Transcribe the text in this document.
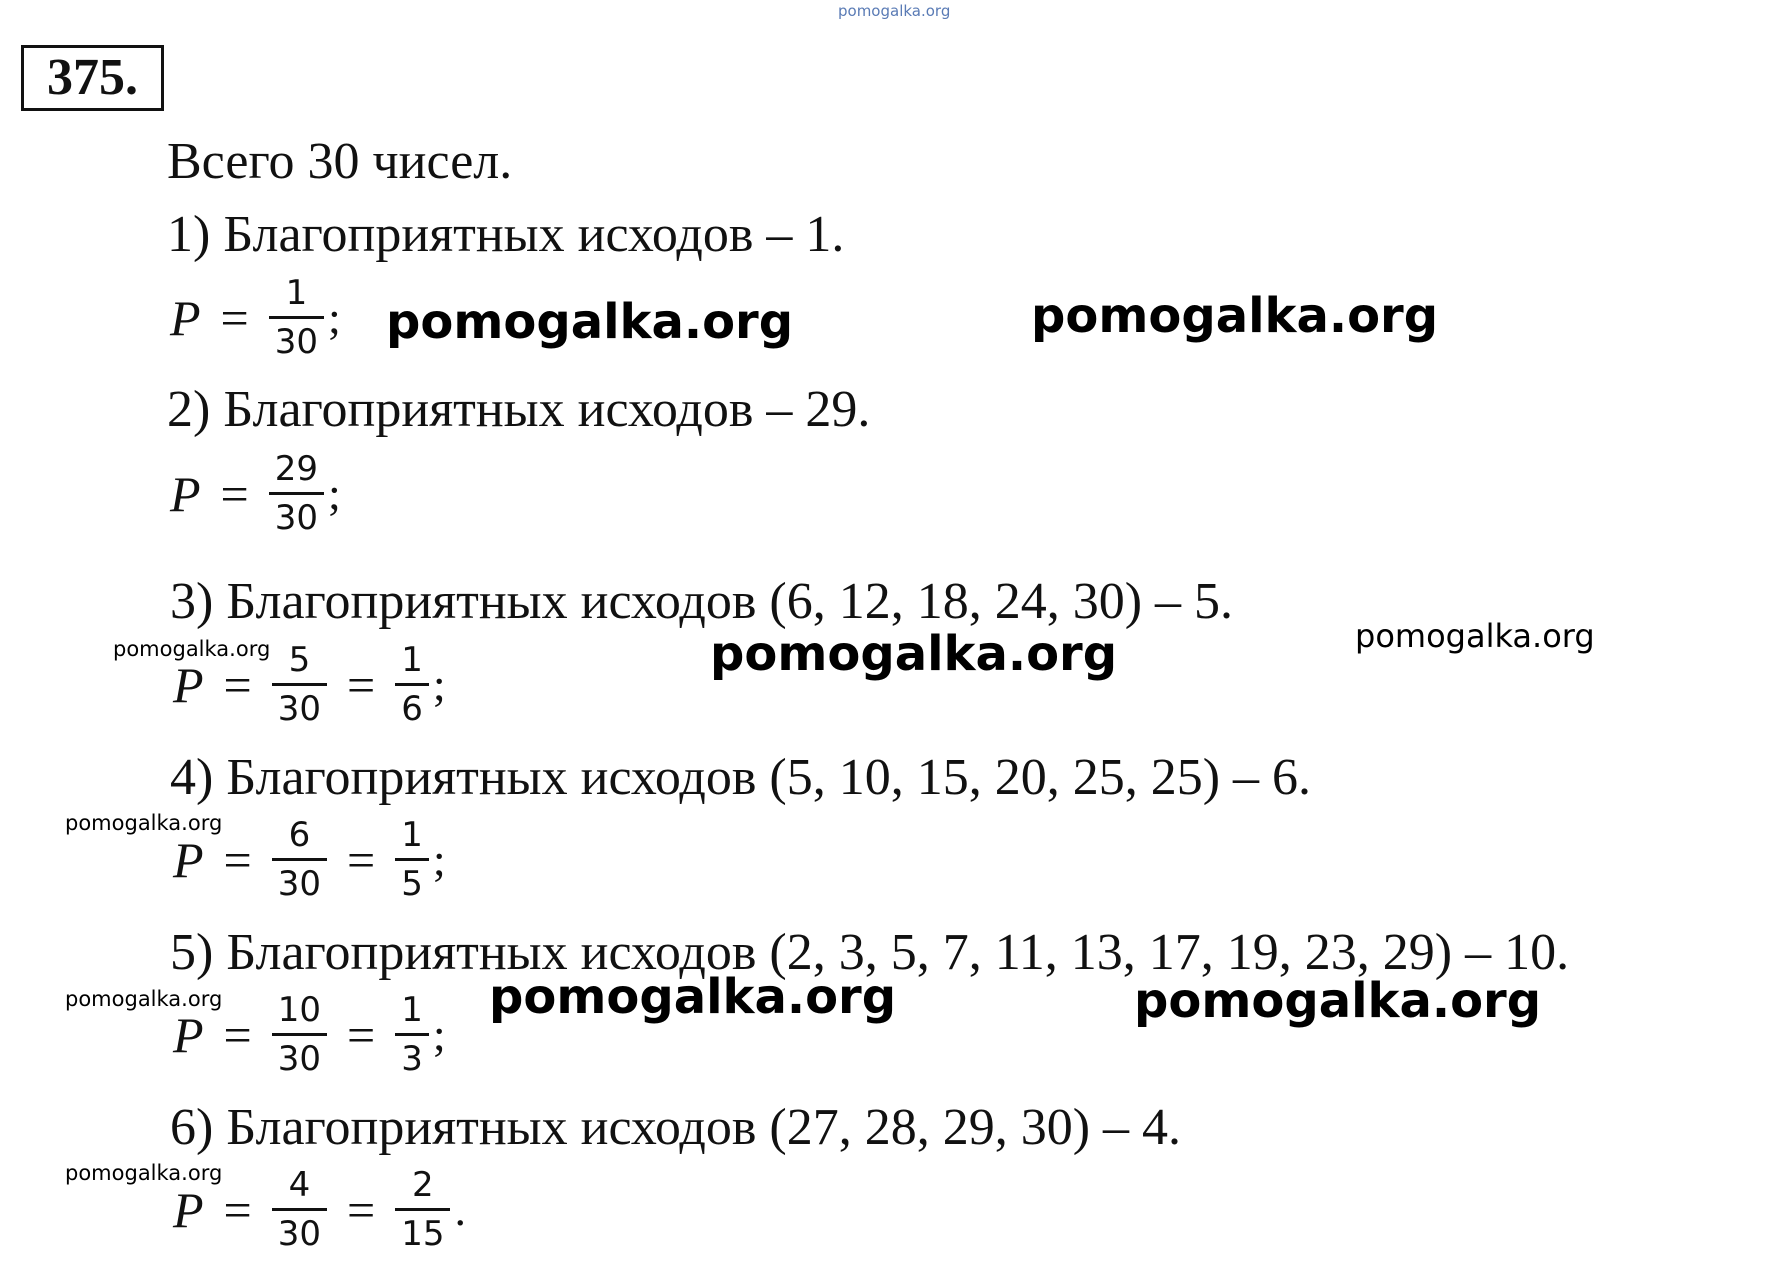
pomogalka.org
375.
Всего 30 чисел.
1) Благоприятных исходов – 1.
$P = \frac{1}{30}$ ;
2) Благоприятных исходов – 29.
$P = \frac{29}{30}$ ;
3) Благоприятных исходов (6, 12, 18, 24, 30) – 5.
$P = \frac{5}{30} = \frac{1}{6}$ ;
4) Благоприятных исходов (5, 10, 15, 20, 25, 25) – 6.
$P = \frac{6}{30} = \frac{1}{5}$ ;
5) Благоприятных исходов (2, 3, 5, 7, 11, 13, 17, 19, 23, 29) – 10.
$P = \frac{10}{30} = \frac{1}{3}$ ;
6) Благоприятных исходов (27, 28, 29, 30) – 4.
$P = \frac{4}{30} = \frac{2}{15}$ .
pomogalka.org	pomogalka.org
pomogalka.org	pomogalka.org
pomogalka.org
pomogalka.org
pomogalka.org	pomogalka.org
pomogalka.org
pomogalka.org
